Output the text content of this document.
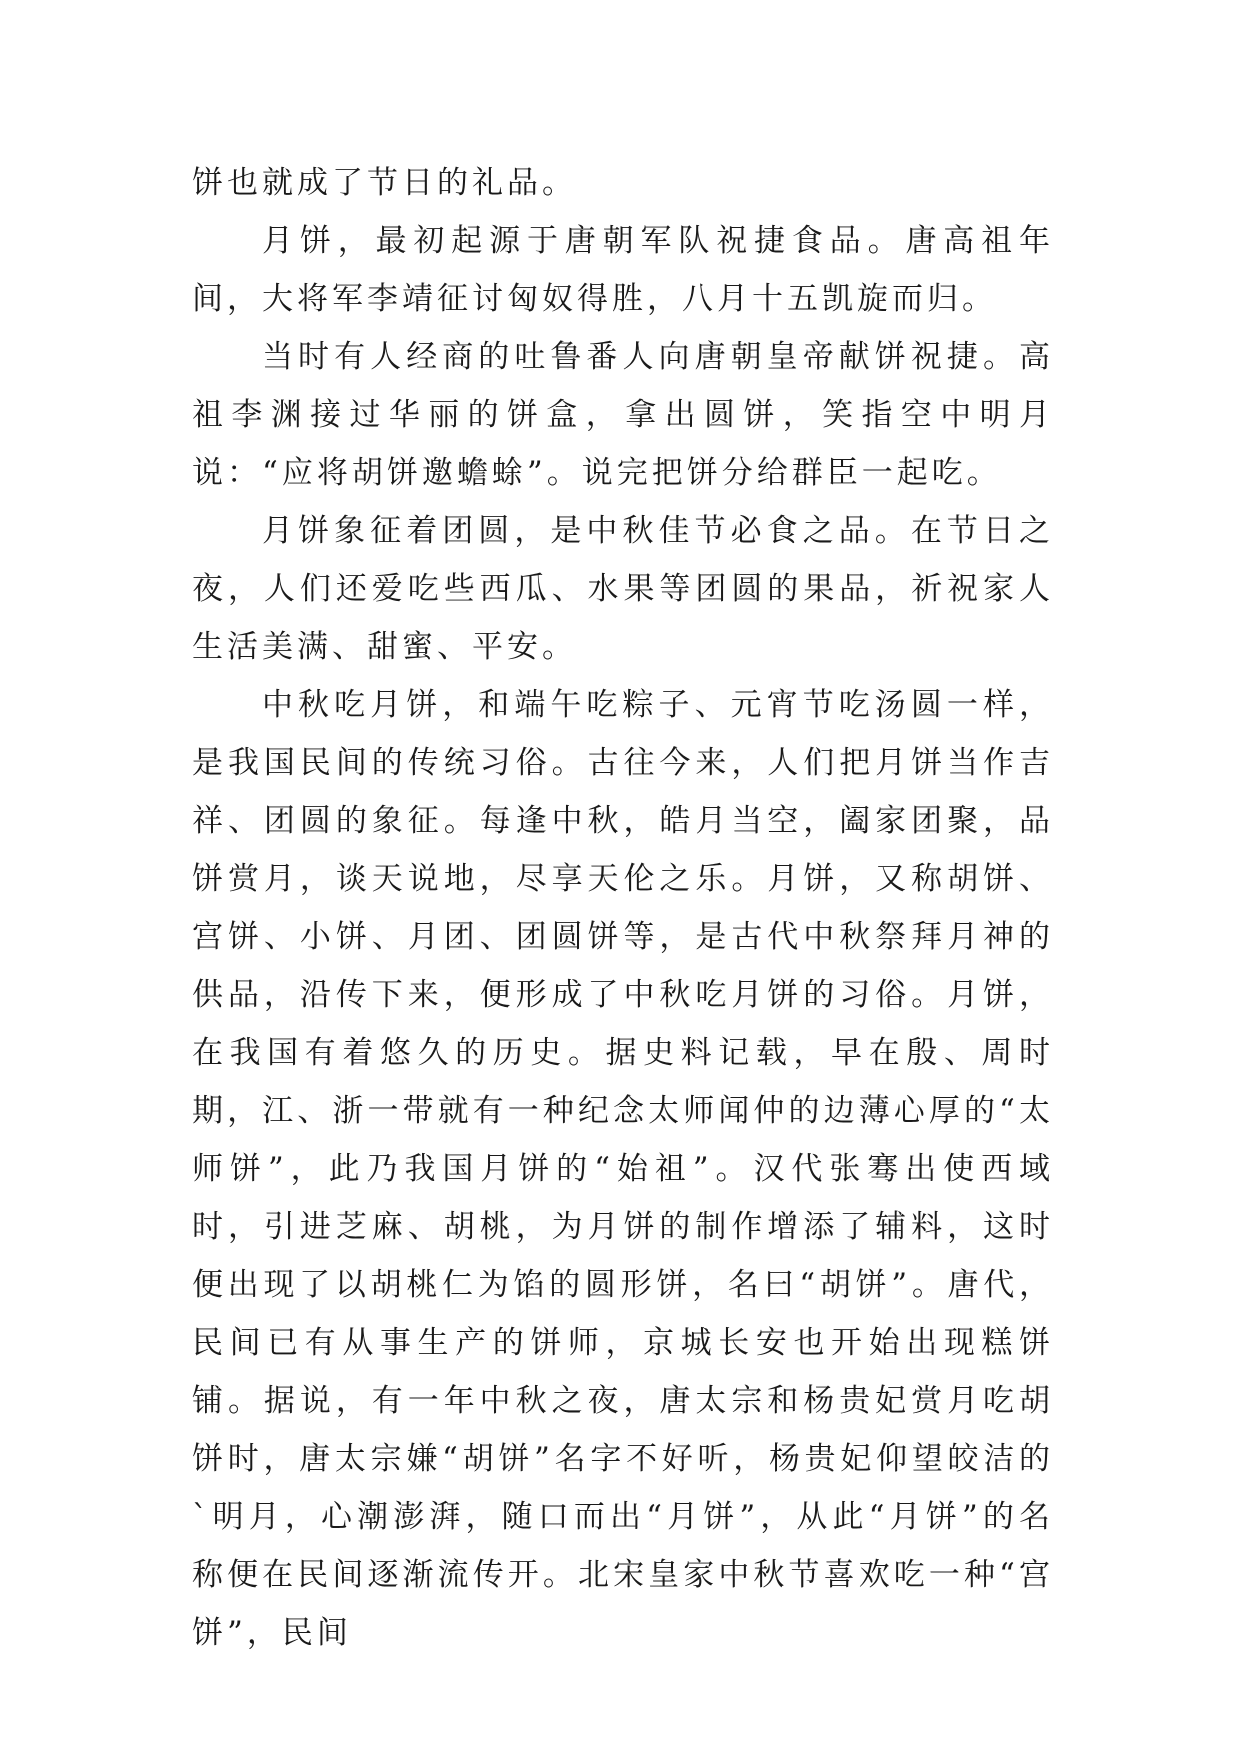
饼也就成了节日的礼品。

月饼，最初起源于唐朝军队祝捷食品。唐高祖年间，大将军李靖征讨匈奴得胜，八月十五凯旋而归。

当时有人经商的吐鲁番人向唐朝皇帝献饼祝捷。高祖李渊接过华丽的饼盒，拿出圆饼，笑指空中明月说：“应将胡饼邀蟾蜍”。说完把饼分给群臣一起吃。

月饼象征着团圆，是中秋佳节必食之品。在节日之夜，人们还爱吃些西瓜、水果等团圆的果品，祈祝家人生活美满、甜蜜、平安。

中秋吃月饼，和端午吃粽子、元宵节吃汤圆一样，是我国民间的传统习俗。古往今来，人们把月饼当作吉祥、团圆的象征。每逢中秋，皓月当空，阖家团聚，品饼赏月，谈天说地，尽享天伦之乐。月饼，又称胡饼、宫饼、小饼、月团、团圆饼等，是古代中秋祭拜月神的供品，沿传下来，便形成了中秋吃月饼的习俗。月饼，在我国有着悠久的历史。据史料记载，早在殷、周时期，江、浙一带就有一种纪念太师闻仲的边薄心厚的“太师饼”，此乃我国月饼的“始祖”。汉代张骞出使西域时，引进芝麻、胡桃，为月饼的制作增添了辅料，这时便出现了以胡桃仁为馅的圆形饼，名曰“胡饼”。唐代，民间已有从事生产的饼师，京城长安也开始出现糕饼铺。据说，有一年中秋之夜，唐太宗和杨贵妃赏月吃胡饼时，唐太宗嫌“胡饼”名字不好听，杨贵妃仰望皎洁的`明月，心潮澎湃，随口而出“月饼”，从此“月饼”的名称便在民间逐渐流传开。北宋皇家中秋节喜欢吃一种“宫饼”，民间
